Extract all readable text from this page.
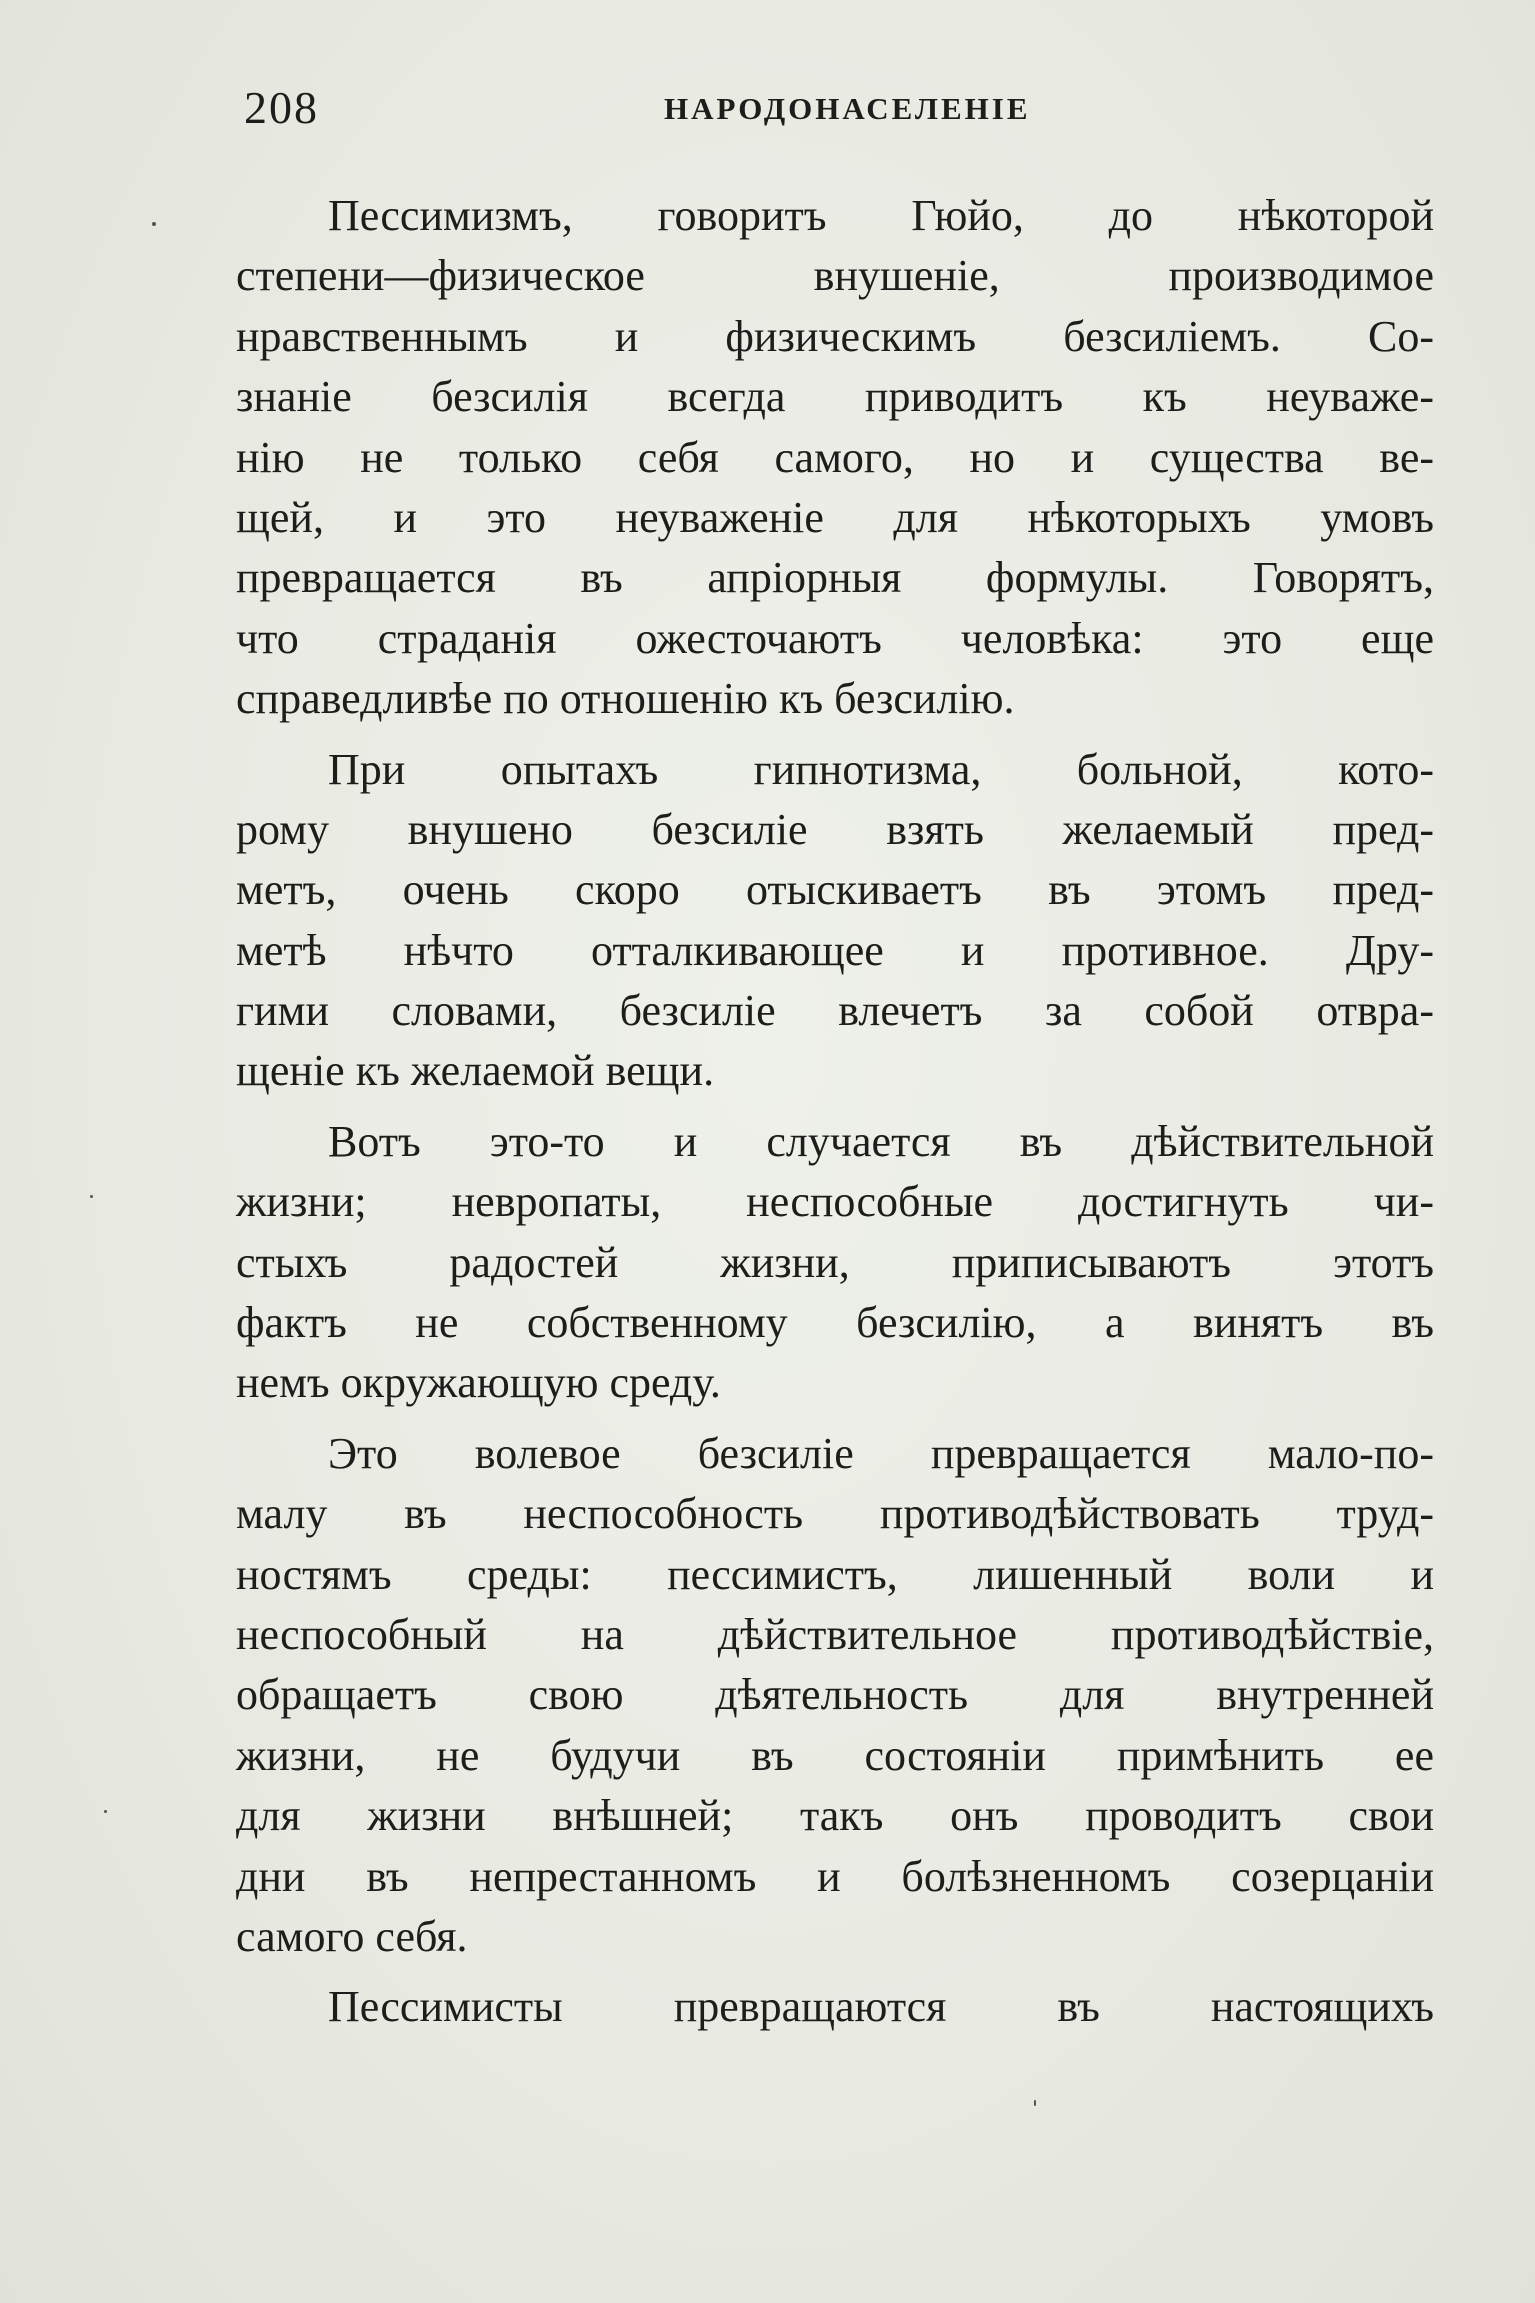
208	НАРОДОНАСЕЛЕНІЕ
Пессимизмъ, говоритъ Гюйо, до нѣкоторой
степени—физическое внушеніе, производимое
нравственнымъ и физическимъ безсиліемъ. Со-
знаніе безсилія всегда приводитъ къ неуваже-
нію не только себя самого, но и существа ве-
щей, и это неуваженіе для нѣкоторыхъ умовъ
превращается въ апріорныя формулы. Говорятъ,
что страданія ожесточаютъ человѣка: это еще
справедливѣе по отношенію къ безсилію.
При опытахъ гипнотизма, больной, кото-
рому внушено безсиліе взять желаемый пред-
метъ, очень скоро отыскиваетъ въ этомъ пред-
метѣ нѣчто отталкивающее и противное. Дру-
гими словами, безсиліе влечетъ за собой отвра-
щеніе къ желаемой вещи.
Вотъ это-то и случается въ дѣйствительной
жизни; невропаты, неспособные достигнуть чи-
стыхъ радостей жизни, приписываютъ этотъ
фактъ не собственному безсилію, а винятъ въ
немъ окружающую среду.
Это волевое безсиліе превращается мало-по-
малу въ неспособность противодѣйствовать труд-
ностямъ среды: пессимистъ, лишенный воли и
неспособный на дѣйствительное противодѣйствіе,
обращаетъ свою дѣятельность для внутренней
жизни, не будучи въ состояніи примѣнить ее
для жизни внѣшней; такъ онъ проводитъ свои
дни въ непрестанномъ и болѣзненномъ созерцаніи
самого себя.
Пессимисты превращаются въ настоящихъ
